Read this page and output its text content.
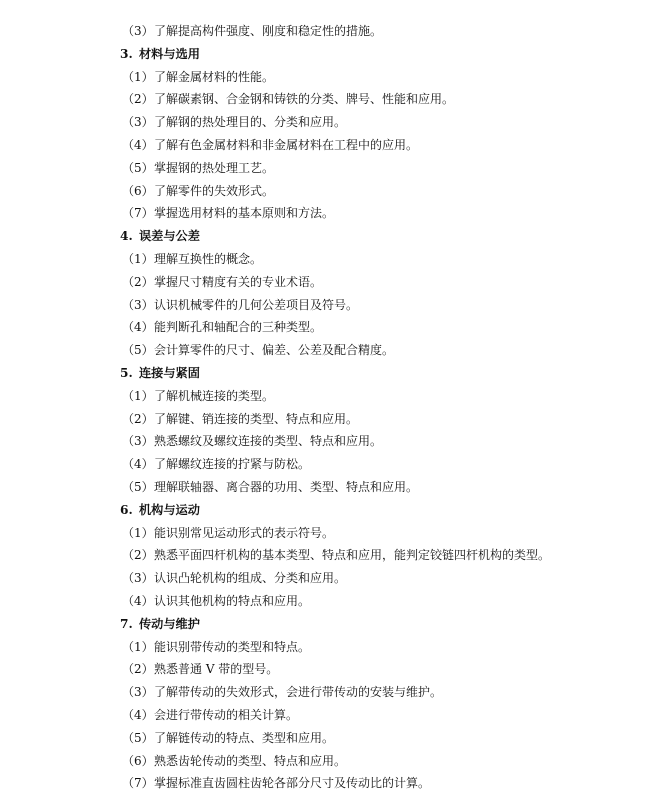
（3）了解提高构件强度、刚度和稳定性的措施。
3. 材料与选用
（1）了解金属材料的性能。
（2）了解碳素钢、合金钢和铸铁的分类、牌号、性能和应用。
（3）了解钢的热处理目的、分类和应用。
（4）了解有色金属材料和非金属材料在工程中的应用。
（5）掌握钢的热处理工艺。
（6）了解零件的失效形式。
（7）掌握选用材料的基本原则和方法。
4. 误差与公差
（1）理解互换性的概念。
（2）掌握尺寸精度有关的专业术语。
（3）认识机械零件的几何公差项目及符号。
（4）能判断孔和轴配合的三种类型。
（5）会计算零件的尺寸、偏差、公差及配合精度。
5. 连接与紧固
（1）了解机械连接的类型。
（2）了解键、销连接的类型、特点和应用。
（3）熟悉螺纹及螺纹连接的类型、特点和应用。
（4）了解螺纹连接的拧紧与防松。
（5）理解联轴器、离合器的功用、类型、特点和应用。
6. 机构与运动
（1）能识别常见运动形式的表示符号。
（2）熟悉平面四杆机构的基本类型、特点和应用，能判定铰链四杆机构的类型。
（3）认识凸轮机构的组成、分类和应用。
（4）认识其他机构的特点和应用。
7. 传动与维护
（1）能识别带传动的类型和特点。
（2）熟悉普通 V 带的型号。
（3）了解带传动的失效形式，会进行带传动的安装与维护。
（4）会进行带传动的相关计算。
（5）了解链传动的特点、类型和应用。
（6）熟悉齿轮传动的类型、特点和应用。
（7）掌握标准直齿圆柱齿轮各部分尺寸及传动比的计算。
